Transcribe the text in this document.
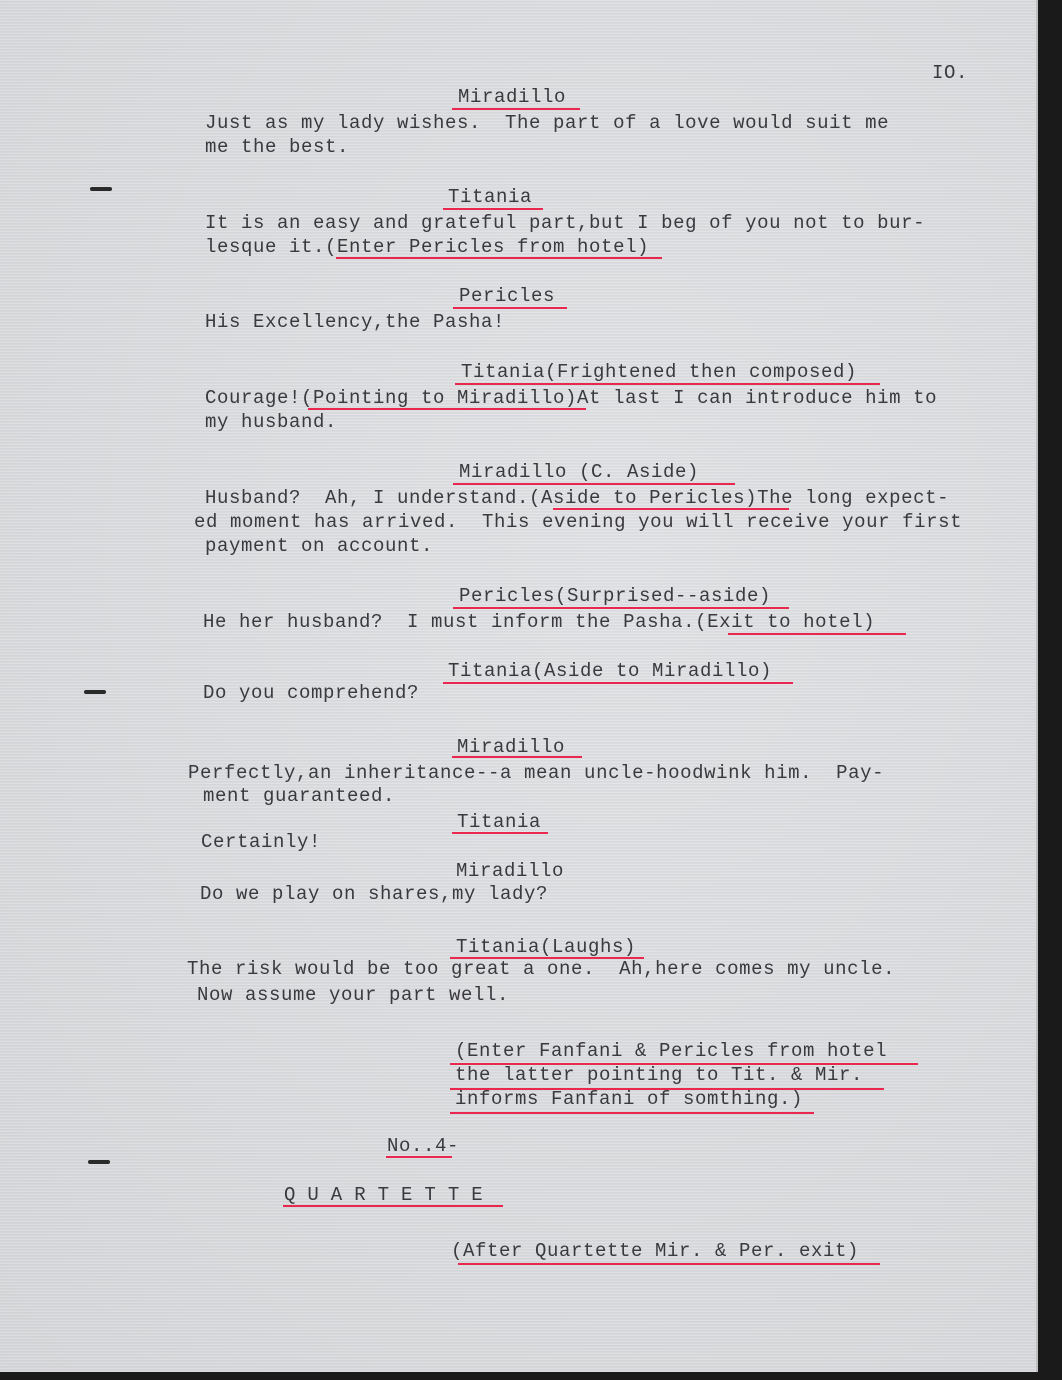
IO.
Miradillo
Just as my lady wishes.  The part of a love would suit me
me the best.
Titania
It is an easy and grateful part,but I beg of you not to bur-
lesque it.(Enter Pericles from hotel)
Pericles
His Excellency,the Pasha!
Titania(Frightened then composed)
Courage!(Pointing to Miradillo)At last I can introduce him to
my husband.
Miradillo (C. Aside)
Husband?  Ah, I understand.(Aside to Pericles)The long expect-
ed moment has arrived.  This evening you will receive your first
payment on account.
Pericles(Surprised--aside)
He her husband?  I must inform the Pasha.(Exit to hotel)
Titania(Aside to Miradillo)
Do you comprehend?
Miradillo
Perfectly,an inheritance--a mean uncle-hoodwink him.  Pay-
ment guaranteed.
Titania
Certainly!
Miradillo
Do we play on shares,my lady?
Titania(Laughs)
The risk would be too great a one.  Ah,here comes my uncle.
Now assume your part well.
(Enter Fanfani & Pericles from hotel
the latter pointing to Tit. & Mir.
informs Fanfani of somthing.)
No..4-
Q U A R T E T T E
(After Quartette Mir. & Per. exit)
